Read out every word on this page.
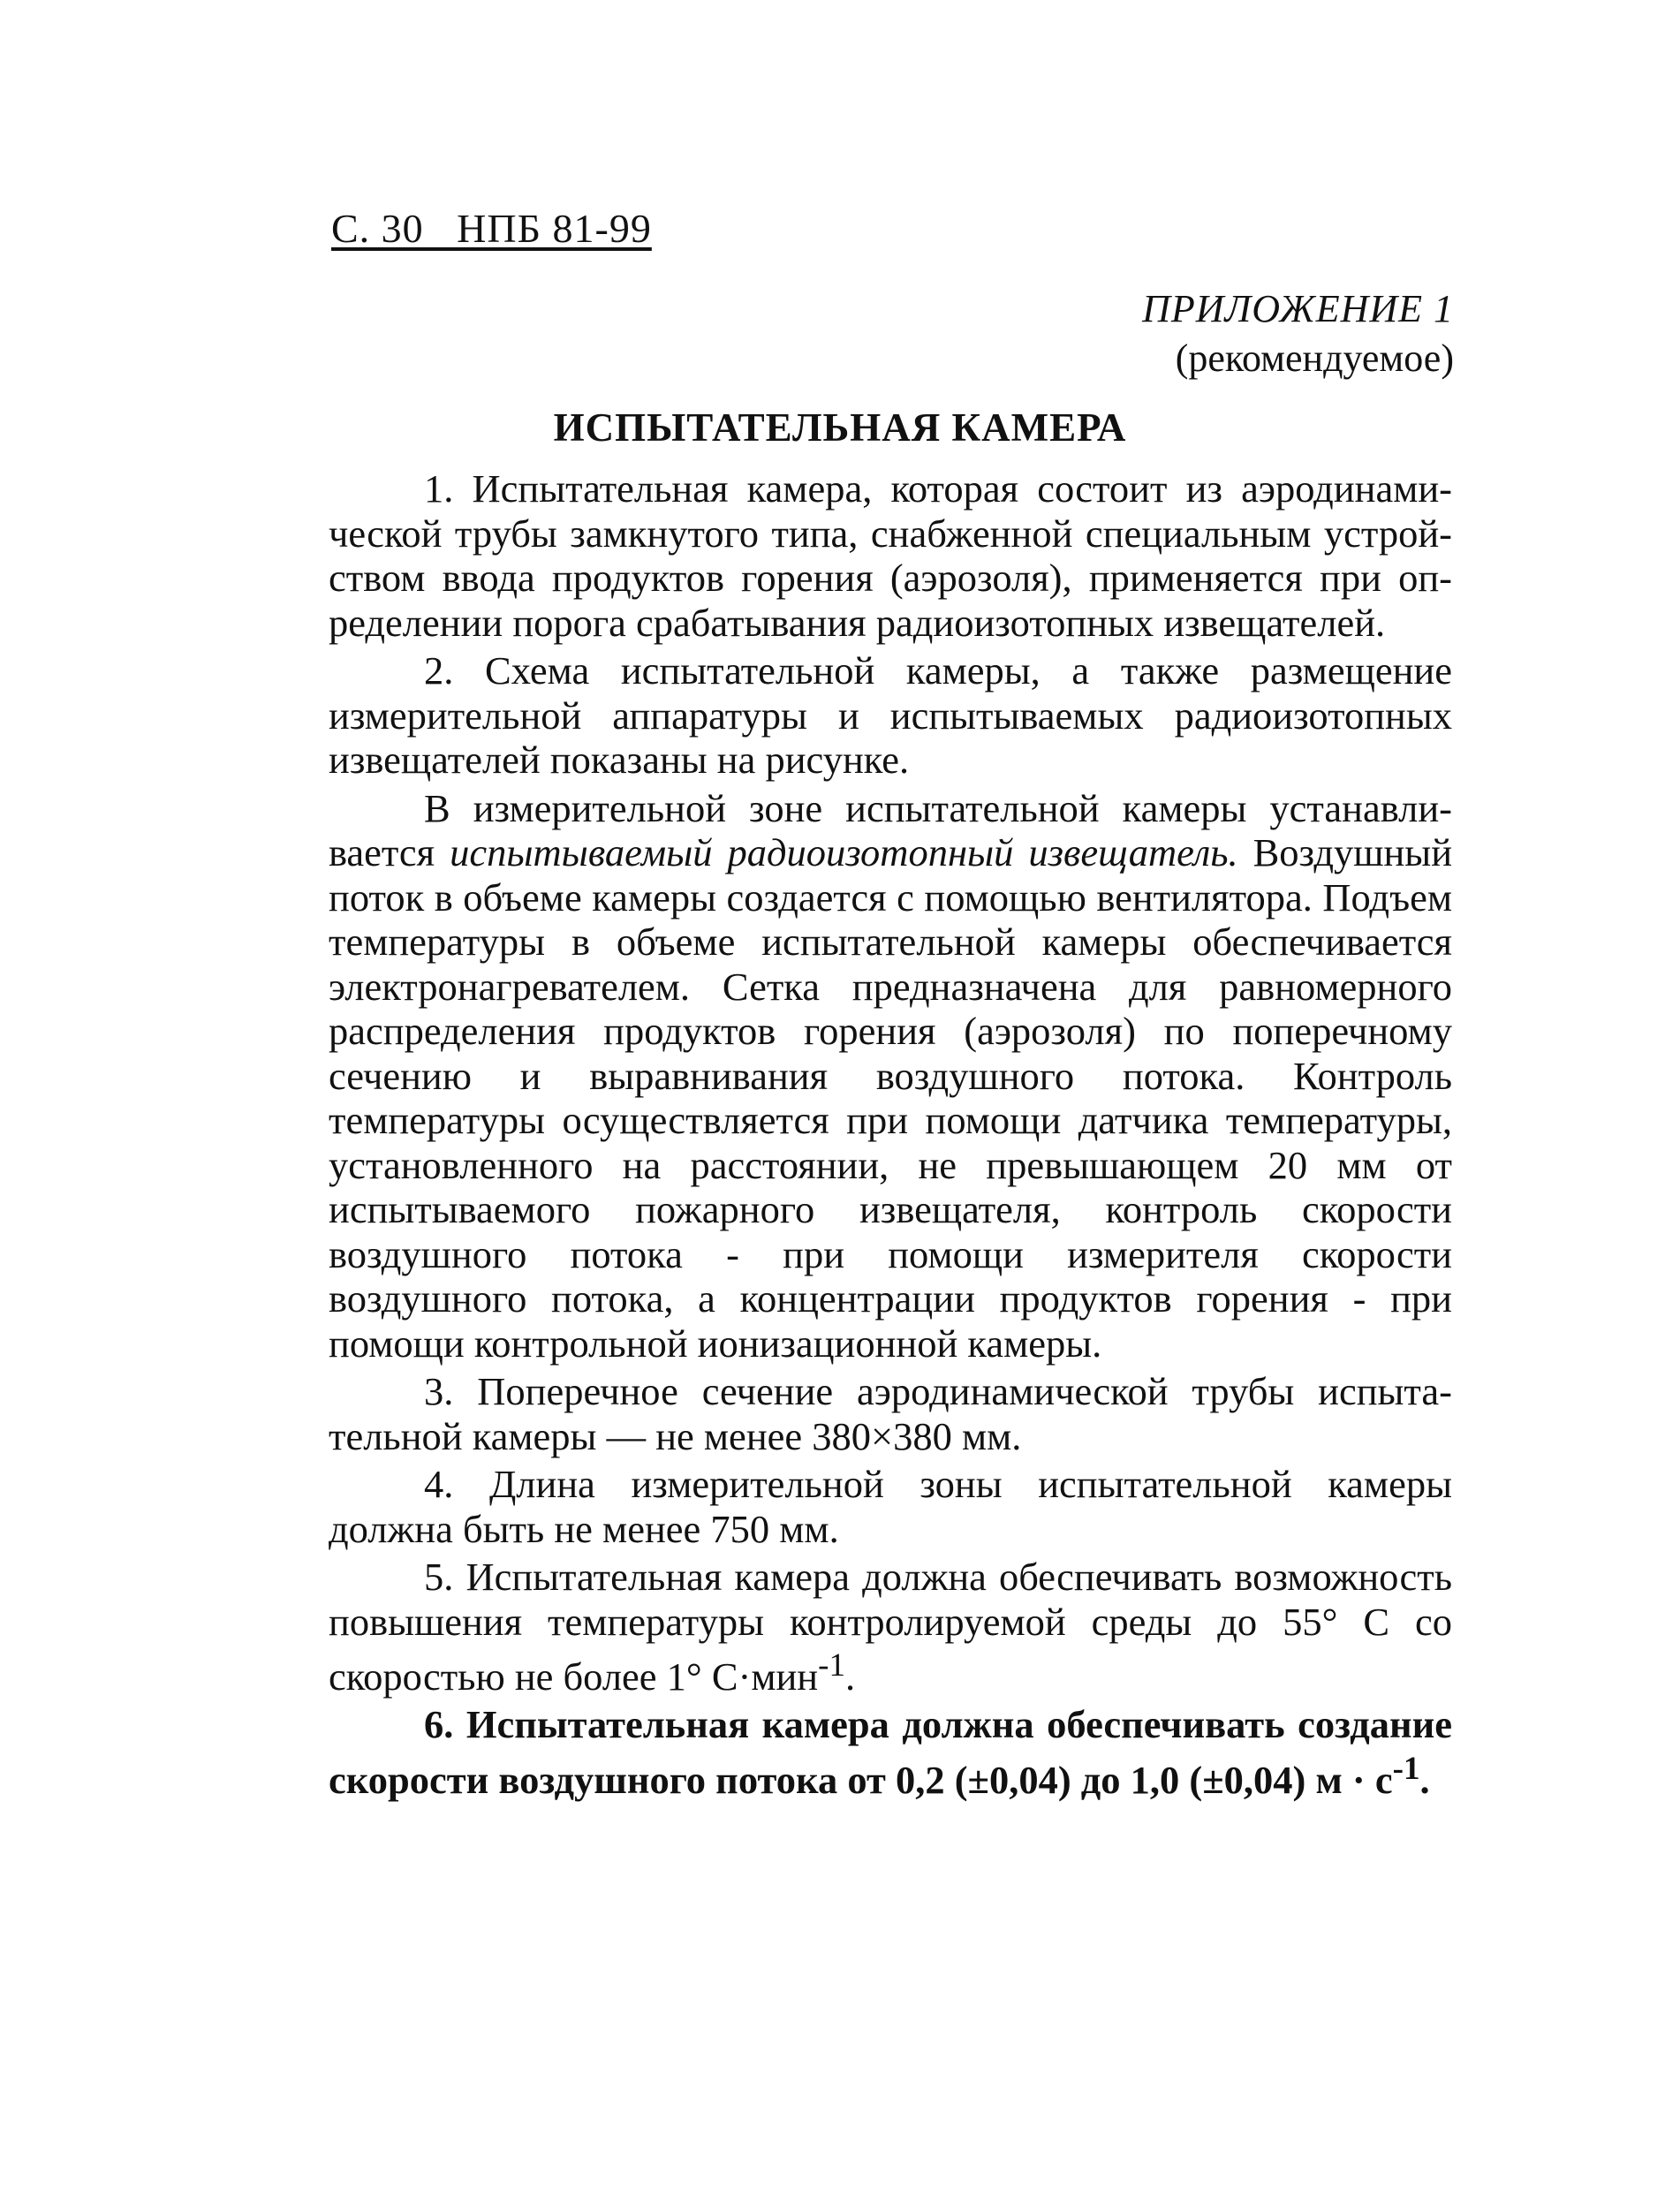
С. 30   НПБ 81-99
ПРИЛОЖЕНИЕ 1
(рекомендуемое)
ИСПЫТАТЕЛЬНАЯ КАМЕРА

1. Испытательная камера, которая состоит из аэродинамической трубы замкнутого типа, снабженной специальным устройством ввода продуктов горения (аэрозоля), применяется при определении порога срабатывания радиоизотопных извещателей.

2. Схема испытательной камеры, а также размещение измерительной аппаратуры и испытываемых радиоизотопных извещателей показаны на рисунке.

В измерительной зоне испытательной камеры устанавливается испытываемый радиоизотопный извещатель. Воздушный поток в объеме камеры создается с помощью вентилятора. Подъем температуры в объеме испытательной камеры обеспечивается электронагревателем. Сетка предназначена для равномерного распределения продуктов горения (аэрозоля) по поперечному сечению и выравнивания воздушного потока. Контроль температуры осуществляется при помощи датчика температуры, установленного на расстоянии, не превышающем 20 мм от испытываемого пожарного извещателя, контроль скорости воздушного потока - при помощи измерителя скорости воздушного потока, а концентрации продуктов горения - при помощи контрольной ионизационной камеры.

3. Поперечное сечение аэродинамической трубы испытательной камеры — не менее 380×380 мм.

4. Длина измерительной зоны испытательной камеры должна быть не менее 750 мм.

5. Испытательная камера должна обеспечивать возможность повышения температуры контролируемой среды до 55° С со скоростью не более 1° С·мин$^{-1}$.

6. Испытательная камера должна обеспечивать создание скорости воздушного потока от 0,2 (±0,04) до 1,0 (±0,04) $м \cdot с^{-1}$.
